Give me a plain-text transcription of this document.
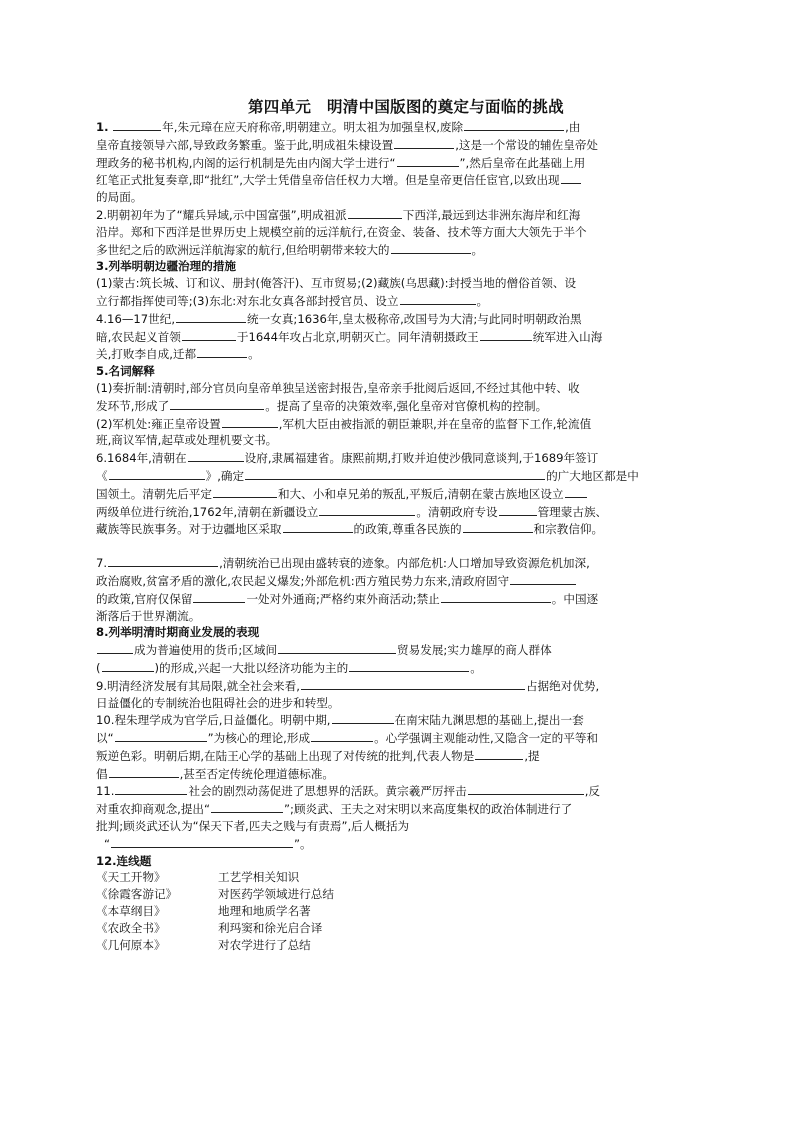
第四单元　明清中国版图的奠定与面临的挑战

1.	年,朱元璋在应天府称帝,明朝建立。明太祖为加强皇权,废除	,由
皇帝直接领导六部,导致政务繁重。鉴于此,明成祖朱棣设置	,这是一个常设的辅佐皇帝处
理政务的秘书机构,内阁的运行机制是先由内阁大学士进行“	”,然后皇帝在此基础上用
红笔正式批复奏章,即“批红”,大学士凭借皇帝信任权力大增。但是皇帝更信任宦官,以致出现
的局面。

2.明朝初年为了“耀兵异域,示中国富强”,明成祖派	下西洋,最远到达非洲东海岸和红海
沿岸。郑和下西洋是世界历史上规模空前的远洋航行,在资金、装备、技术等方面大大领先于半个
多世纪之后的欧洲远洋航海家的航行,但给明朝带来较大的	。

3.列举明朝边疆治理的措施
(1)蒙古:筑长城、订和议、册封(俺答汗)、互市贸易;(2)藏族(乌思藏):封授当地的僧俗首领、设
立行都指挥使司等;(3)东北:对东北女真各部封授官员、设立	。

4.16—17世纪,	统一女真;1636年,皇太极称帝,改国号为大清;与此同时明朝政治黑
暗,农民起义首领	于1644年攻占北京,明朝灭亡。同年清朝摄政王	统军进入山海
关,打败李自成,迁都	。

5.名词解释
(1)奏折制:清朝时,部分官员向皇帝单独呈送密封报告,皇帝亲手批阅后返回,不经过其他中转、收
发环节,形成了	。提高了皇帝的决策效率,强化皇帝对官僚机构的控制。
(2)军机处:雍正皇帝设置	,军机大臣由被指派的朝臣兼职,并在皇帝的监督下工作,轮流值
班,商议军情,起草或处理机要文书。

6.1684年,清朝在	设府,隶属福建省。康熙前期,打败并迫使沙俄同意谈判,于1689年签订
《	》,确定	的广大地区都是中
国领土。清朝先后平定	和大、小和卓兄弟的叛乱,平叛后,清朝在蒙古族地区设立
两级单位进行统治,1762年,清朝在新疆设立	。清朝政府专设	管理蒙古族、
藏族等民族事务。对于边疆地区采取	的政策,尊重各民族的	和宗教信仰。

7.	,清朝统治已出现由盛转衰的迹象。内部危机:人口增加导致资源危机加深,
政治腐败,贫富矛盾的激化,农民起义爆发;外部危机:西方殖民势力东来,清政府固守
的政策,官府仅保留	一处对外通商;严格约束外商活动;禁止	。中国逐
渐落后于世界潮流。

8.列举明清时期商业发展的表现
成为普遍使用的货币;区域间	贸易发展;实力雄厚的商人群体
(	)的形成,兴起一大批以经济功能为主的	。

9.明清经济发展有其局限,就全社会来看,	占据绝对优势,
日益僵化的专制统治也阻碍社会的进步和转型。

10.程朱理学成为官学后,日益僵化。明朝中期,	在南宋陆九渊思想的基础上,提出一套
以“	”为核心的理论,形成	。心学强调主观能动性,又隐含一定的平等和
叛逆色彩。明朝后期,在陆王心学的基础上出现了对传统的批判,代表人物是	,提
倡	,甚至否定传统伦理道德标准。

11.	社会的剧烈动荡促进了思想界的活跃。黄宗羲严厉抨击	,反
对重农抑商观念,提出“	”;顾炎武、王夫之对宋明以来高度集权的政治体制进行了
批判;顾炎武还认为“保天下者,匹夫之贱与有责焉”,后人概括为
“	”。

12.连线题
《天工开物》	工艺学相关知识
《徐霞客游记》	对医药学领域进行总结
《本草纲目》	地理和地质学名著
《农政全书》	利玛窦和徐光启合译
《几何原本》	对农学进行了总结
